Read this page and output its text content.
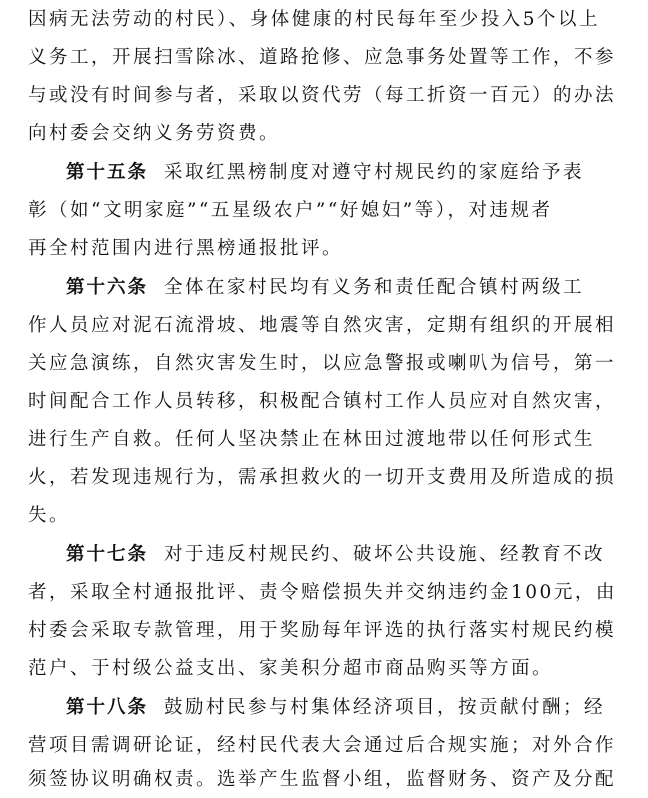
因病无法劳动的村民）、身体健康的村民每年至少投入5个以上
义务工，开展扫雪除冰、道路抢修、应急事务处置等工作，不参
与或没有时间参与者，采取以资代劳（每工折资一百元）的办法
向村委会交纳义务劳资费。
第十五条 采取红黑榜制度对遵守村规民约的家庭给予表
彰（如“文明家庭”“五星级农户”“好媳妇”等），对违规者
再全村范围内进行黑榜通报批评。
第十六条 全体在家村民均有义务和责任配合镇村两级工
作人员应对泥石流滑坡、地震等自然灾害，定期有组织的开展相
关应急演练，自然灾害发生时，以应急警报或喇叭为信号，第一
时间配合工作人员转移，积极配合镇村工作人员应对自然灾害，
进行生产自救。任何人坚决禁止在林田过渡地带以任何形式生
火，若发现违规行为，需承担救火的一切开支费用及所造成的损
失。
第十七条 对于违反村规民约、破坏公共设施、经教育不改
者，采取全村通报批评、责令赔偿损失并交纳违约金100元，由
村委会采取专款管理，用于奖励每年评选的执行落实村规民约模
范户、于村级公益支出、家美积分超市商品购买等方面。
第十八条 鼓励村民参与村集体经济项目，按贡献付酬；经
营项目需调研论证，经村民代表大会通过后合规实施；对外合作
须签协议明确权责。选举产生监督小组，监督财务、资产及分配
